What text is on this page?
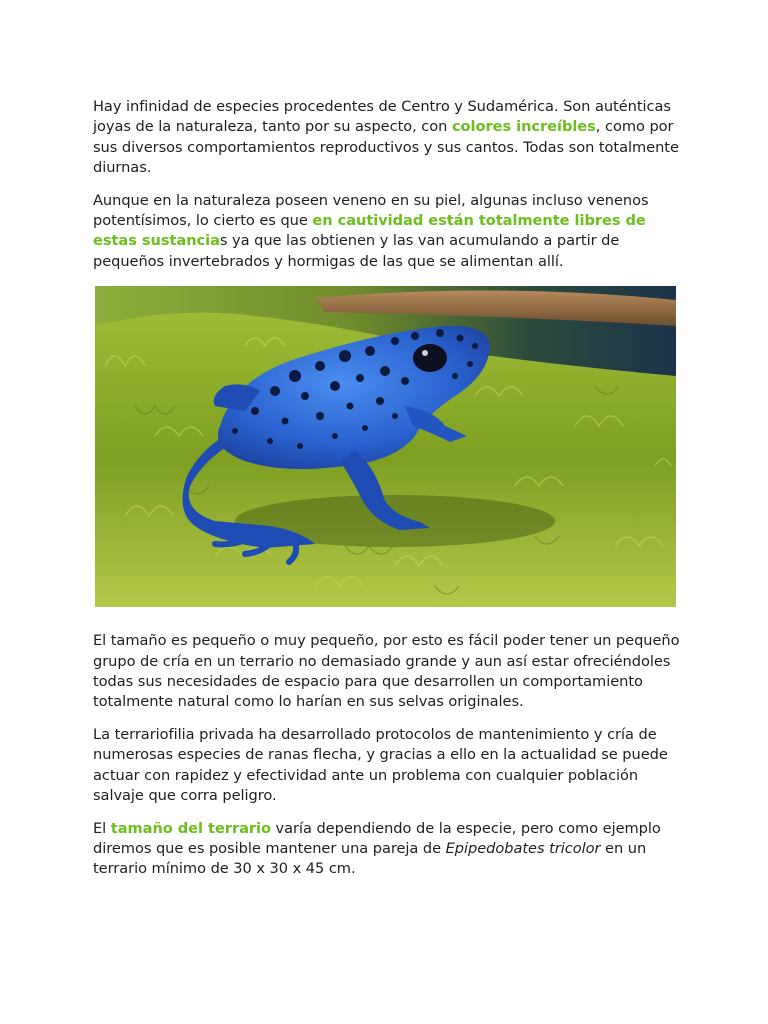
Hay infinidad de especies procedentes de Centro y Sudamérica. Son auténticas joyas de la naturaleza, tanto por su aspecto, con colores increíbles, como por sus diversos comportamientos reproductivos y sus cantos. Todas son totalmente diurnas.

Aunque en la naturaleza poseen veneno en su piel, algunas incluso venenos potentísimos, lo cierto es que en cautividad están totalmente libres de estas sustancias ya que las obtienen y las van acumulando a partir de pequeños invertebrados y hormigas de las que se alimentan allí.

El tamaño es pequeño o muy pequeño, por esto es fácil poder tener un pequeño grupo de cría en un terrario no demasiado grande y aun así estar ofreciéndoles todas sus necesidades de espacio para que desarrollen un comportamiento totalmente natural como lo harían en sus selvas originales.

La terrariofilia privada ha desarrollado protocolos de mantenimiento y cría de numerosas especies de ranas flecha, y gracias a ello en la actualidad se puede actuar con rapidez y efectividad ante un problema con cualquier población salvaje que corra peligro.

El tamaño del terrario varía dependiendo de la especie, pero como ejemplo diremos que es posible mantener una pareja de Epipedobates tricolor en un terrario mínimo de 30 x 30 x 45 cm.
